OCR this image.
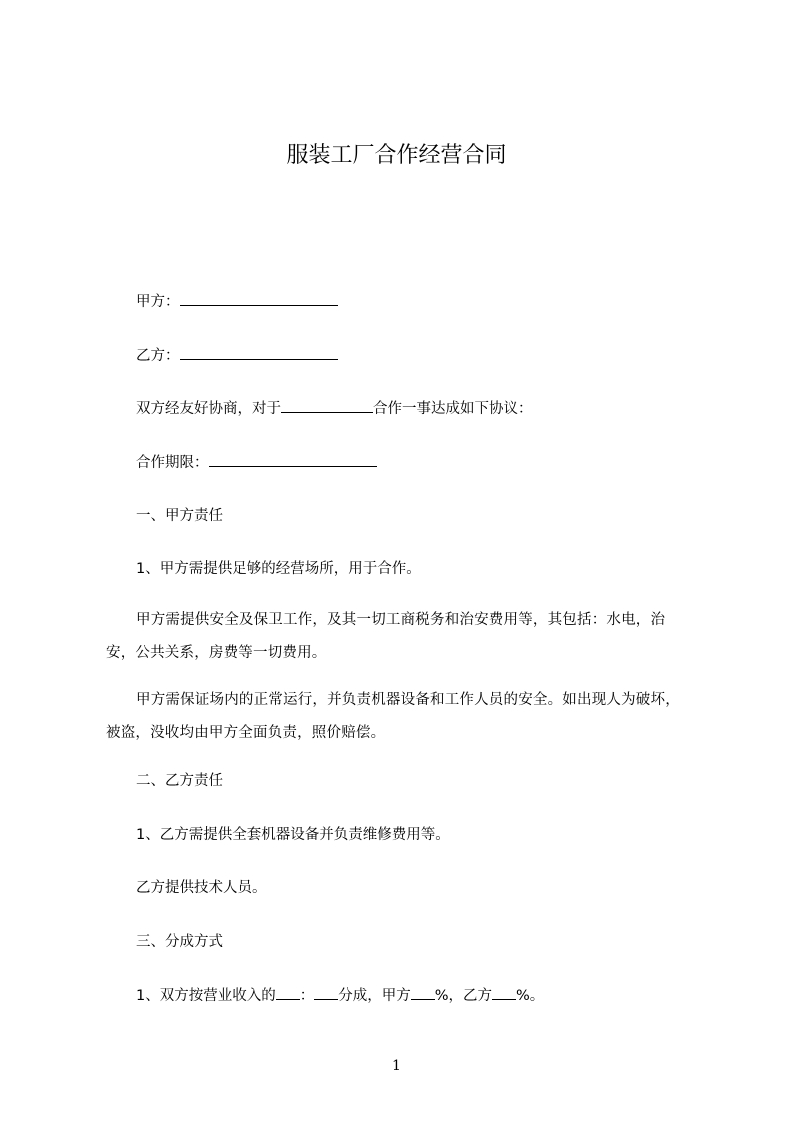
服装工厂合作经营合同
甲方：
乙方：
双方经友好协商，对于	合作一事达成如下协议：
合作期限：
一、甲方责任
1、甲方需提供足够的经营场所，用于合作。

甲方需提供安全及保卫工作，及其一切工商税务和治安费用等，其包括：水电，治安，公共关系，房费等一切费用。

甲方需保证场内的正常运行，并负责机器设备和工作人员的安全。如出现人为破坏，被盗，没收均由甲方全面负责，照价赔偿。

二、乙方责任
1、乙方需提供全套机器设备并负责维修费用等。
乙方提供技术人员。
三、分成方式
1、双方按营业收入的 ： 分成，甲方 %，乙方 %。
1
